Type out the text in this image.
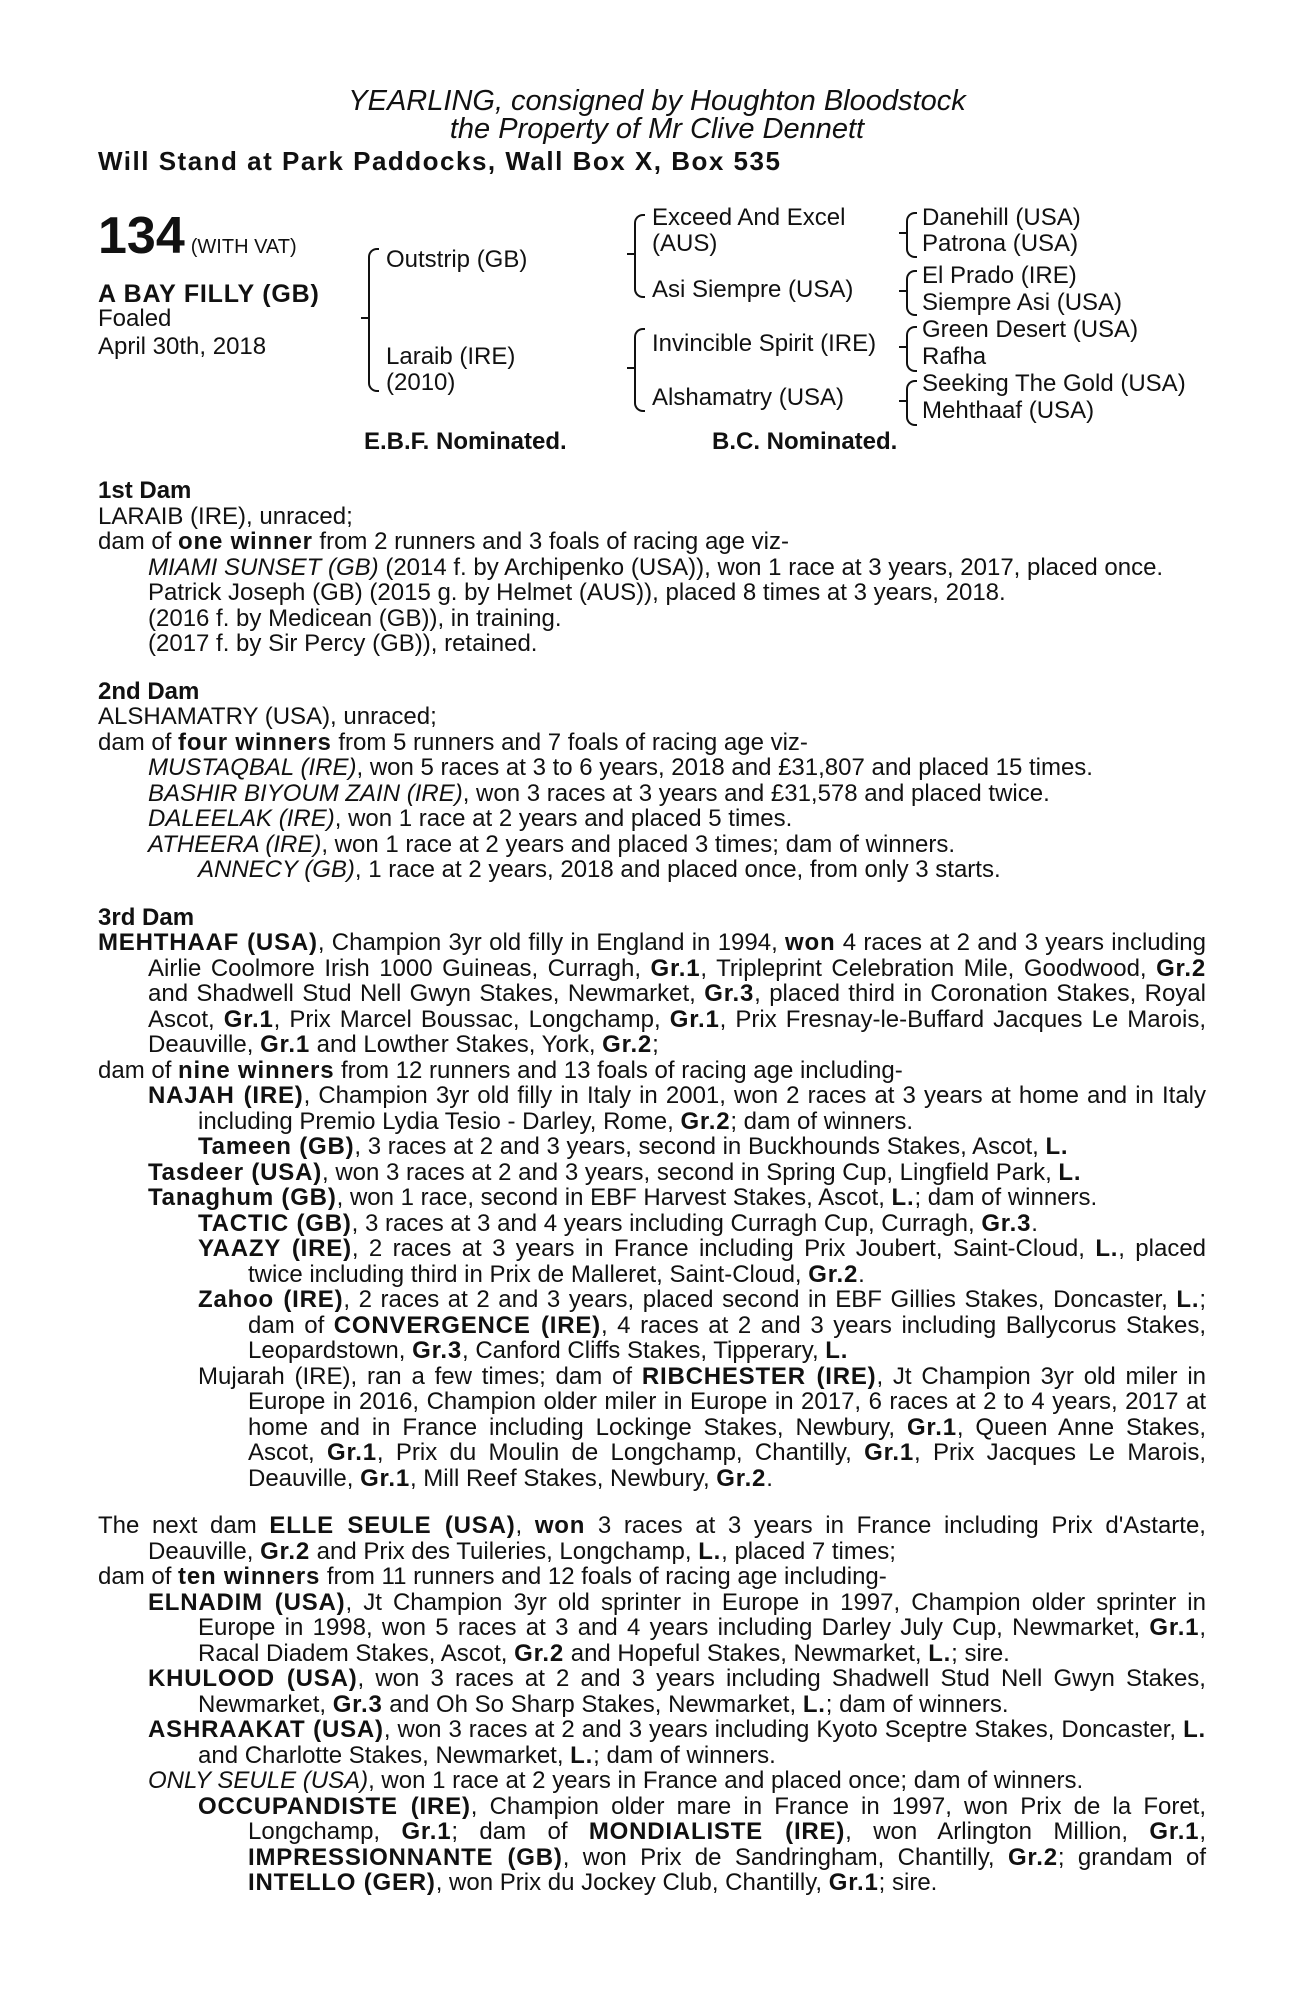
YEARLING, consigned by Houghton Bloodstock
the Property of Mr Clive Dennett
Will Stand at Park Paddocks, Wall Box X, Box 535
134 (WITH VAT)
A BAY FILLY (GB)
Foaled
April 30th, 2018
Outstrip (GB)
Laraib (IRE)
(2010)
Exceed And Excel
(AUS)
Asi Siempre (USA)
Invincible Spirit (IRE)
Alshamatry (USA)
Danehill (USA)
Patrona (USA)
El Prado (IRE)
Siempre Asi (USA)
Green Desert (USA)
Rafha
Seeking The Gold (USA)
Mehthaaf (USA)
E.B.F. Nominated.	B.C. Nominated.
1st Dam
LARAIB (IRE), unraced;
dam of one winner from 2 runners and 3 foals of racing age viz-
MIAMI SUNSET (GB) (2014 f. by Archipenko (USA)), won 1 race at 3 years, 2017, placed once.
Patrick Joseph (GB) (2015 g. by Helmet (AUS)), placed 8 times at 3 years, 2018.
(2016 f. by Medicean (GB)), in training.
(2017 f. by Sir Percy (GB)), retained.
2nd Dam
ALSHAMATRY (USA), unraced;
dam of four winners from 5 runners and 7 foals of racing age viz-
MUSTAQBAL (IRE), won 5 races at 3 to 6 years, 2018 and £31,807 and placed 15 times.
BASHIR BIYOUM ZAIN (IRE), won 3 races at 3 years and £31,578 and placed twice.
DALEELAK (IRE), won 1 race at 2 years and placed 5 times.
ATHEERA (IRE), won 1 race at 2 years and placed 3 times; dam of winners.
ANNECY (GB), 1 race at 2 years, 2018 and placed once, from only 3 starts.
3rd Dam
MEHTHAAF (USA), Champion 3yr old filly in England in 1994, won 4 races at 2 and 3 years including Airlie Coolmore Irish 1000 Guineas, Curragh, Gr.1, Tripleprint Celebration Mile, Goodwood, Gr.2 and Shadwell Stud Nell Gwyn Stakes, Newmarket, Gr.3, placed third in Coronation Stakes, Royal Ascot, Gr.1, Prix Marcel Boussac, Longchamp, Gr.1, Prix Fresnay-le-Buffard Jacques Le Marois, Deauville, Gr.1 and Lowther Stakes, York, Gr.2;
dam of nine winners from 12 runners and 13 foals of racing age including-
NAJAH (IRE), Champion 3yr old filly in Italy in 2001, won 2 races at 3 years at home and in Italy including Premio Lydia Tesio - Darley, Rome, Gr.2; dam of winners.
Tameen (GB), 3 races at 2 and 3 years, second in Buckhounds Stakes, Ascot, L.
Tasdeer (USA), won 3 races at 2 and 3 years, second in Spring Cup, Lingfield Park, L.
Tanaghum (GB), won 1 race, second in EBF Harvest Stakes, Ascot, L.; dam of winners.
TACTIC (GB), 3 races at 3 and 4 years including Curragh Cup, Curragh, Gr.3.
YAAZY (IRE), 2 races at 3 years in France including Prix Joubert, Saint-Cloud, L., placed twice including third in Prix de Malleret, Saint-Cloud, Gr.2.
Zahoo (IRE), 2 races at 2 and 3 years, placed second in EBF Gillies Stakes, Doncaster, L.; dam of CONVERGENCE (IRE), 4 races at 2 and 3 years including Ballycorus Stakes, Leopardstown, Gr.3, Canford Cliffs Stakes, Tipperary, L.
Mujarah (IRE), ran a few times; dam of RIBCHESTER (IRE), Jt Champion 3yr old miler in Europe in 2016, Champion older miler in Europe in 2017, 6 races at 2 to 4 years, 2017 at home and in France including Lockinge Stakes, Newbury, Gr.1, Queen Anne Stakes, Ascot, Gr.1, Prix du Moulin de Longchamp, Chantilly, Gr.1, Prix Jacques Le Marois, Deauville, Gr.1, Mill Reef Stakes, Newbury, Gr.2.
The next dam ELLE SEULE (USA), won 3 races at 3 years in France including Prix d'Astarte, Deauville, Gr.2 and Prix des Tuileries, Longchamp, L., placed 7 times;
dam of ten winners from 11 runners and 12 foals of racing age including-
ELNADIM (USA), Jt Champion 3yr old sprinter in Europe in 1997, Champion older sprinter in Europe in 1998, won 5 races at 3 and 4 years including Darley July Cup, Newmarket, Gr.1, Racal Diadem Stakes, Ascot, Gr.2 and Hopeful Stakes, Newmarket, L.; sire.
KHULOOD (USA), won 3 races at 2 and 3 years including Shadwell Stud Nell Gwyn Stakes, Newmarket, Gr.3 and Oh So Sharp Stakes, Newmarket, L.; dam of winners.
ASHRAAKAT (USA), won 3 races at 2 and 3 years including Kyoto Sceptre Stakes, Doncaster, L. and Charlotte Stakes, Newmarket, L.; dam of winners.
ONLY SEULE (USA), won 1 race at 2 years in France and placed once; dam of winners.
OCCUPANDISTE (IRE), Champion older mare in France in 1997, won Prix de la Foret, Longchamp, Gr.1; dam of MONDIALISTE (IRE), won Arlington Million, Gr.1, IMPRESSIONNANTE (GB), won Prix de Sandringham, Chantilly, Gr.2; grandam of INTELLO (GER), won Prix du Jockey Club, Chantilly, Gr.1; sire.
